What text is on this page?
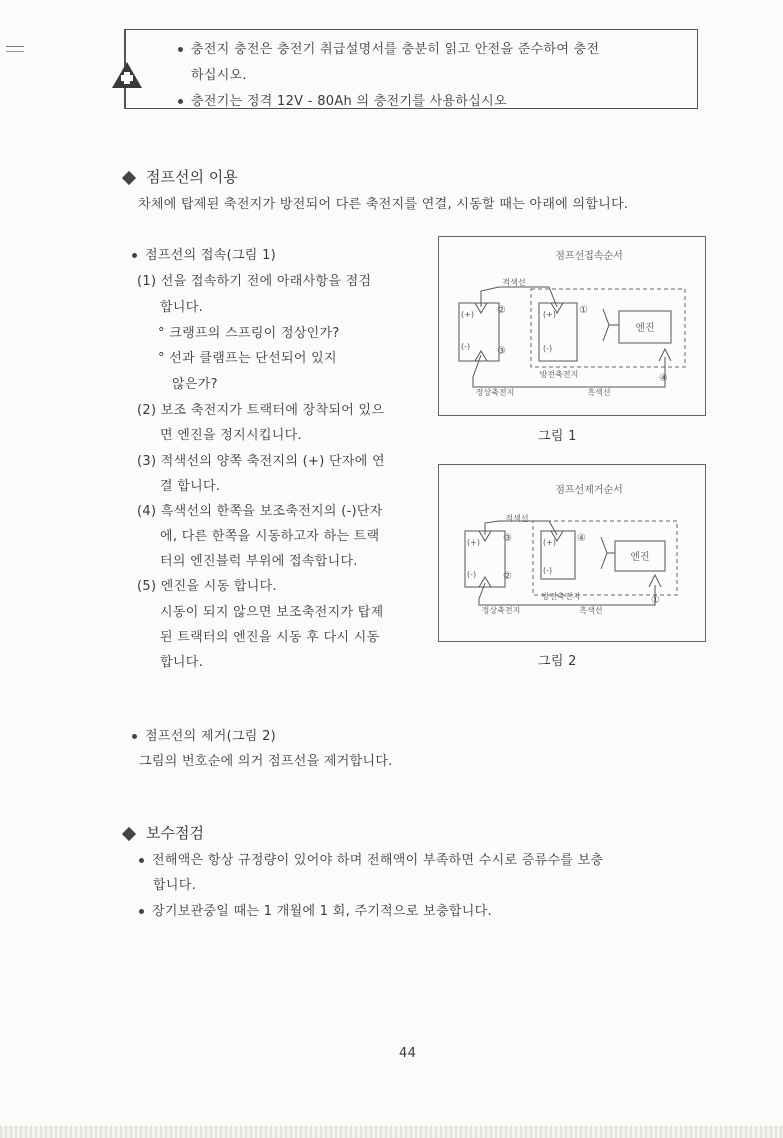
충전지 충전은 충전기 취급설명서를 충분히 읽고 안전을 준수하여 충전
하십시오.
충전기는 정격 12V - 80Ah 의 충전기를 사용하십시오
점프선의 이용
차체에 탑제된 축전지가 방전되어 다른 축전지를 연결, 시동할 때는 아래에 의합니다.
점프선의 접속(그림 1)
(1) 선을 접속하기 전에 아래사항을 점검
합니다.
° 크랭프의 스프링이 정상인가?
° 선과 클램프는 단선되어 있지
않은가?
(2) 보조 축전지가 트랙터에 장착되어 있으
면 엔진을 정지시킵니다.
(3) 적색선의 양쪽 축전지의 (+) 단자에 연
결 합니다.
(4) 흑색선의 한쪽을 보조축전지의 (-)단자
에, 다른 한쪽을 시동하고자 하는 트랙
터의 엔진블럭 부위에 접속합니다.
(5) 엔진을 시동 합니다.
시동이 되지 않으면 보조축전지가 탑제
된 트랙터의 엔진을 시동 후 다시 시동
합니다.
점프선접속순서
적색선
엔진
(+)
(-)
(+)
(-)
②
③
①
④
방전축전지
정상축전지	흑색선
그림 1
점프선제거순서
적색선
엔진
(+)
(-)
(+)
(-)
③
②
④
①
방전축전지
정상축전지	흑색선
그림 2
점프선의 제거(그림 2)
그림의 번호순에 의거 점프선을 제거합니다.
보수점검
전해액은 항상 규정량이 있어야 하며 전해액이 부족하면 수시로 증류수를 보충
합니다.
장기보관중일 때는 1 개월에 1 회, 주기적으로 보충합니다.
44
